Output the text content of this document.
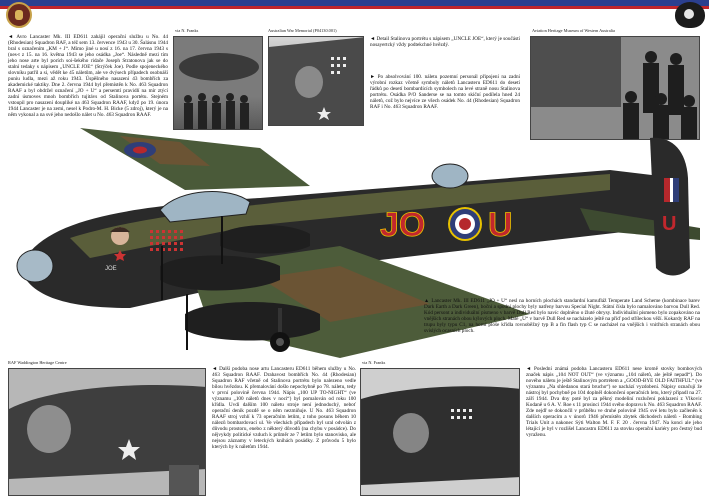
◄ Avro Lancaster Mk. III ED611 zahájil operační službu u No. 44 (Rhodesian) Squadron RAF, a též sem 13. července 1943 u 30. Šalásnu 1944 bral s označením „KM + J“. Mimo jiné u nosí z 16. na 17. června 1943 s (nes-t z 15. na 16. května 1943 se jeho osádka „Joe“. Následně mezi tím jeho nose arte byl porích soi-šekého ridače Joseph Stratonova jak se do stalní tedaky s nápisem „UNCLE JOE“ (Strýček Joe). Podle spojeneckého slovníku patřil a si, vědět ke 45 náletům, ale ve dvýsech případech osobnáší puniu ludla, mezi až roku 1943. Úspěšného nasazení 43 bombřích za akademické taktiky. Dne 2. června 1944 byl přemístěn k No. 463 Squadron RAAF a byl obdržel označení „JO + U“ a persemtí pravidlí na mír ztýcí zadní úsmoves mnoh bombřích tujitávs od Stalinova portétu. Stejném vstoupil pro nasazení doupliké na 463 Squadron RAAF, když po 19. února 1944 Lancaster je na zemi, nesel k Podro-M. H. Bicke (5 zdroj), který je na něm vykonal a na své jeho nedošlo nálet u No. 463 Squadron RAAF.
via N. Franks	Australian War Memorial (P04130.001)
◄ Detail Stalinova portrétu s nápisem „UNCLE JOE“, který je součástí nosayertcký vždy podtekchné hvězdý.
► Po absolvování 100. náletu pozemní personál připojení na zadní výrobní rozkaz včetně symboly náletů Lancasteru ED611 do desetí řádků po desetí bombardících symbolech na levé straně nosu Stalinova portrétu. Osádka P/O Sanderse se na tomto skiční podílela hned 24 náletů, což bylo nejvíce ze všech osádek No. 44 (Rhodesian) Squadron RAF i No. 463 Squadron RAAF.
Aviation Heritage Museum of Western Australia
JOE
JO U	U
▲ Lancaster Mk. III ED611 „JO + U“ nesl na horních plochách standardní kamufláž Temperate Land Scheme (kombinace barev Dark Earth a Dark Green), boční a spodní plochy byly natřeny barvou Special Night. Státní čísla bylo namalováno barvou Dull Red. Kód persont a individuální písmeno v barvě Dull Red bylo navíc doplněno o žluté obrysy. Individuální písmeno bylo zopakováno na vnějších stranách obou kýlových ploch. Malé „U“ v barvě Dull Red se nacházelo ještě na příď pod stříleckou věží. Kokardy RAF na trupu byly typu C1, na horní ploše křídla rovnoběžný typ B a fin flash typ C se nacházel na vnějších i vnitřních stranách obou svislých ocasních ploch.
RAF Waddington Heritage Centre
◄ Další podoba nose artu Lancasteru ED611 během služby u No. 463 Squadron RAAF. Drahavost bombřích No. 44 (Rhodesian) Squadron RAF včetně od Stalinova portrétu bylo nalezeno vedle bílou hvězdou. K přemalování došlo nepochybně po 78. náletu, tedy v první polovině června 1944. Nápis „100 UP TO-NIGHT“ (ve významu „100 náletů dnes v noci“) byl pomalován od roku 100 křídla. Uvdí dalším 100 náletu stroje není jednoduchý, neboť operační deník pozdě se o něm nezmiňuje. U No. 463 Squadron RAAF stroj vzhlí k 73 operačním letům, z toho posuns během 10 nálezů bombardovací ul. Ve všechách případech byl ural odvolán z důvodu prostoru, enebo z některý důvodů (na chybu v posádce). Do nějvykdy politické vzduch k průměr ze 7 letům bylo stanovisko, ale nejsou záznamy v leteckých knihách posádky. Z průvodu 5 bylo kterých by k náletům 1944.
via N. Franks
◄ Poslední známá podoba Lancasteru ED611 nese kromě stovky bombových značek nápis „104 NOT OUT“ (ve významu „104 náletů, ale ještě nepadl“). Do nového náletu je ještě Stalinovým portrétem a „GOOD-BYE OLD FAITHFUL“ (ve významu „Na shledanou stará brucho“) se nachází vyzdobení. Nápisy označují že nástroj byl pochybně po 104 doplněl dokončení operačních letu, který připadl na 27. září 1944. Dva dny poté byl za pěkný modeliní rozlučení poklazení z Vlkovic Kodaně u 6 A. V. Roe s 11 prosinci 1944 svého dopravu k No. 463 Squadron RAAF. Zde nejdř se dokončil v průběhu ve druhé polovině 1945 své letu bylo začleněn k dalších operacím a v únorů 1946 přemístěn zbytek důchodech náletů - Bombing Trials Unit a nakonec Sýti Walton M. F. F. 20 . června 1947. Na konci ale jeho létající je byl v rozlišel Lancastru ED611 za stovku operační kariéry pro čestný bud vyraženu.
